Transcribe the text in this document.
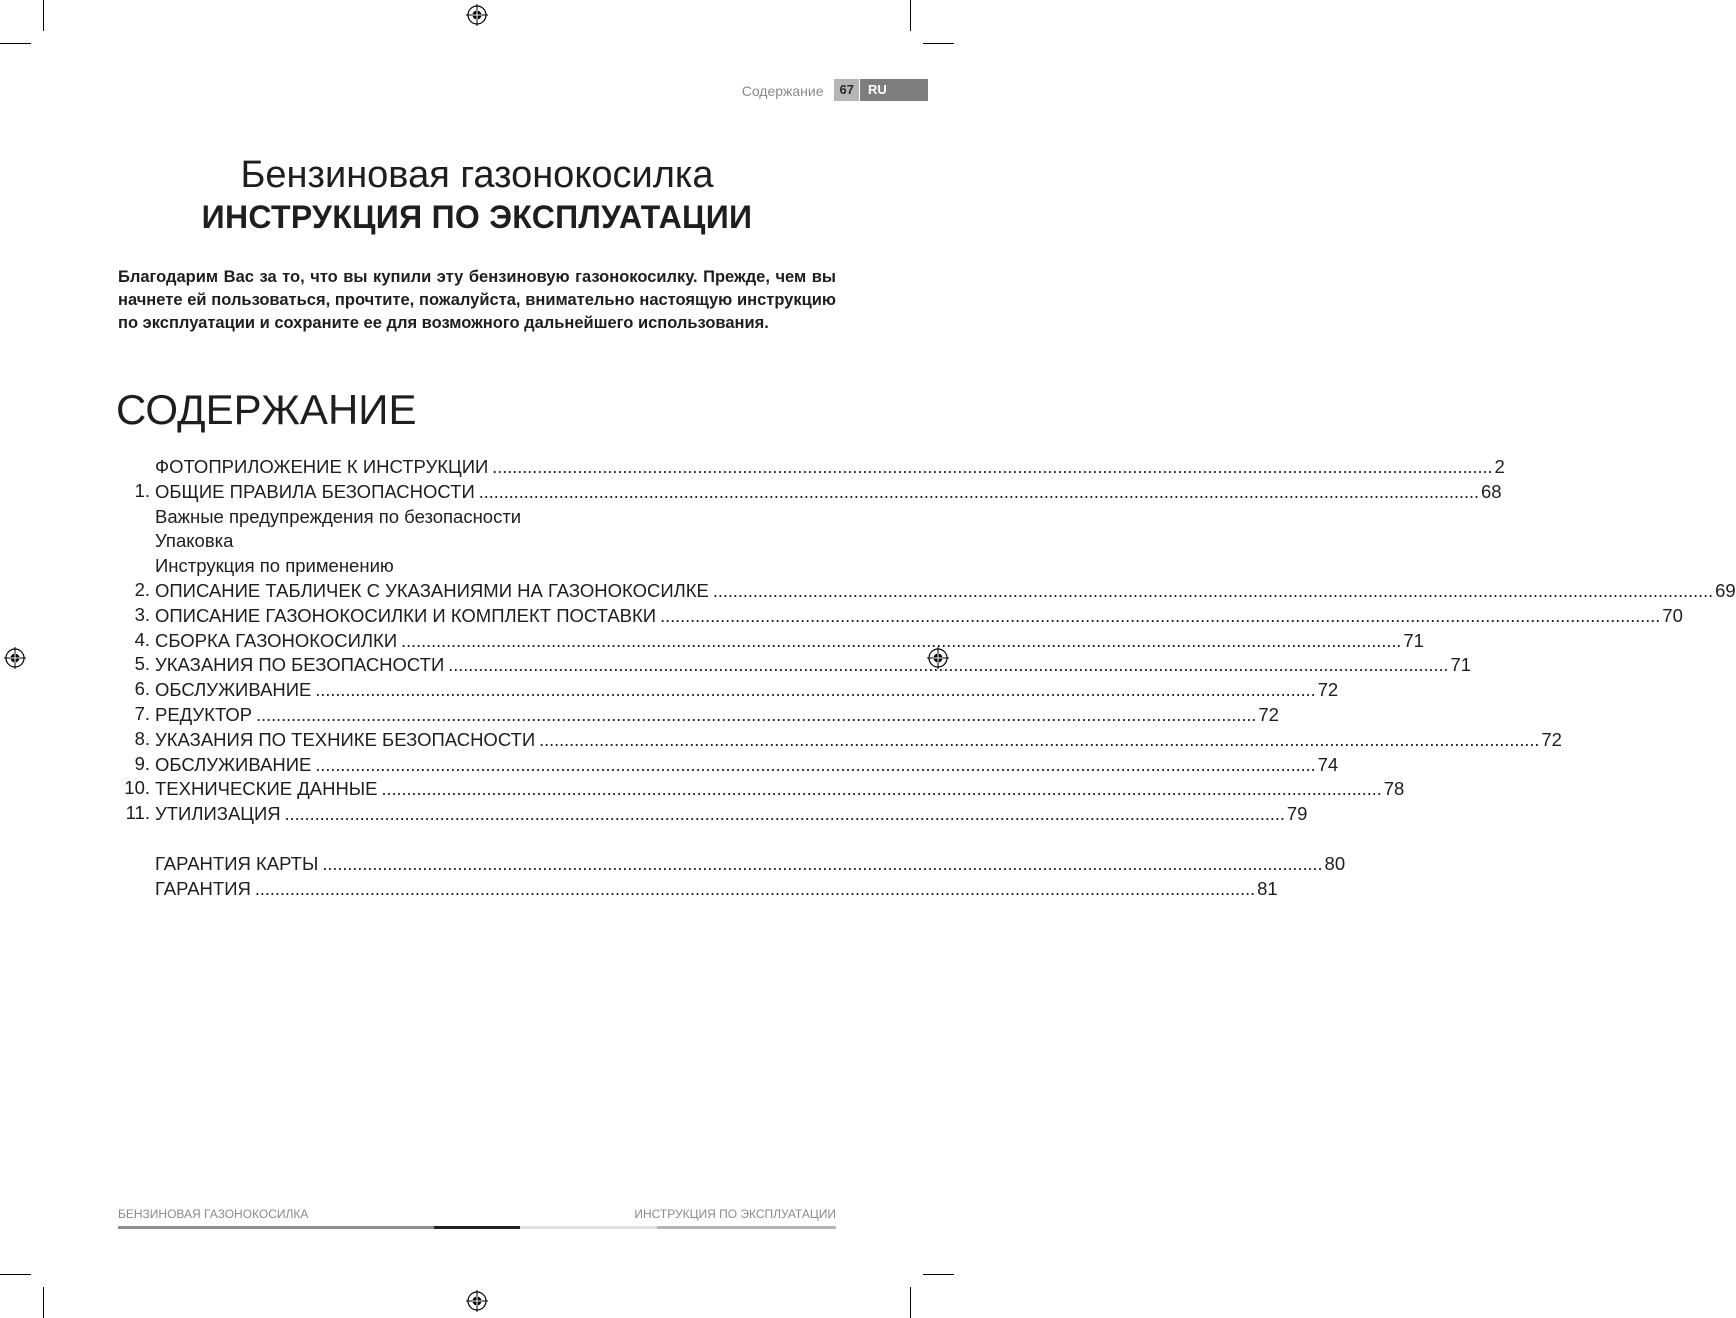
Содержание	67	RU
Бензиновая газонокосилка
ИНСТРУКЦИЯ ПО ЭКСПЛУАТАЦИИ
Благодарим Вас за то, что вы купили эту бензиновую газонокосилку. Прежде, чем вы начнете ей пользоваться, прочтите, пожалуйста, внимательно настоящую инструкцию по эксплуатации и сохраните ее для возможного дальнейшего использования.
СОДЕРЖАНИЕ
ФОТОПРИЛОЖЕНИЕ К ИНСТРУКЦИИ ........................................................................................................................................................................................................ 2
1. ОБЩИЕ ПРАВИЛА БЕЗОПАСНОСТИ ........................................................................................................................................................................................................ 68
Важные предупреждения по безопасности
Упаковка
Инструкция по применению
2. ОПИСАНИЕ ТАБЛИЧЕК С УКАЗАНИЯМИ НА ГАЗОНОКОСИЛКЕ ........................................................................................................................................................................................................ 69
3. ОПИСАНИЕ ГАЗОНОКОСИЛКИ И КОМПЛЕКТ ПОСТАВКИ ........................................................................................................................................................................................................ 70
4. СБОРКА ГАЗОНОКОСИЛКИ ........................................................................................................................................................................................................ 71
5. УКАЗАНИЯ ПО БЕЗОПАСНОСТИ ........................................................................................................................................................................................................ 71
6. ОБСЛУЖИВАНИЕ ........................................................................................................................................................................................................ 72
7. РЕДУКТОР ........................................................................................................................................................................................................ 72
8. УКАЗАНИЯ ПО ТЕХНИКЕ БЕЗОПАСНОСТИ ........................................................................................................................................................................................................ 72
9. ОБСЛУЖИВАНИЕ ........................................................................................................................................................................................................ 74
10. ТЕХНИЧЕСКИЕ ДАННЫЕ ........................................................................................................................................................................................................ 78
11. УТИЛИЗАЦИЯ ........................................................................................................................................................................................................ 79
ГАРАНТИЯ КАРТЫ ........................................................................................................................................................................................................ 80
ГАРАНТИЯ ........................................................................................................................................................................................................ 81
БЕНЗИНОВАЯ ГАЗОНОКОСИЛКА	ИНСТРУКЦИЯ ПО ЭКСПЛУАТАЦИИ
